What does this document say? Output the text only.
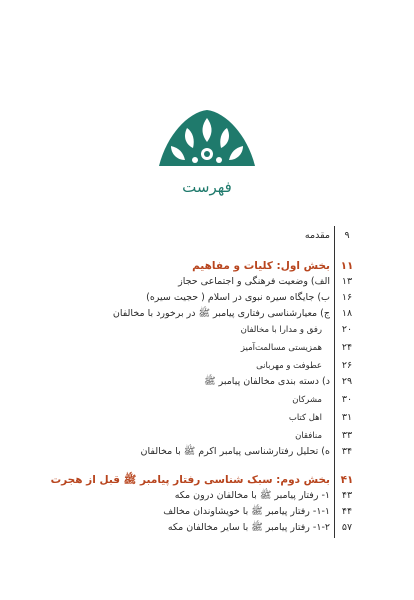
فهرست
۹
مقدمه
۱۱
بخش اول: کلیات و مفاهیم
۱۳
الف) وضعیت فرهنگی و اجتماعی حجاز
۱۶
ب) جایگاه سیره نبوی در اسلام ( حجیت سیره)
۱۸
ج) معیارشناسی رفتاری پیامبر ﷺ در برخورد با مخالفان
۲۰
رفق و مدارا با مخالفان
۲۴
همزیستی مسالمت‌آمیز
۲۶
عطوفت و مهربانی
۲۹
د) دسته بندی مخالفان پیامبر ﷺ
۳۰
مشرکان
۳۱
اهل کتاب
۳۳
منافقان
۳۴
ه) تحلیل رفتارشناسی پیامبر اکرم ﷺ با مخالفان
۴۱
بخش دوم: سبک شناسی رفتار پیامبر ﷺ قبل از هجرت
۴۳
۱- رفتار پیامبر ﷺ با مخالفان درون مکه
۴۴
۱-۱- رفتار پیامبر ﷺ با خویشاوندان مخالف
۵۷
۱-۲- رفتار پیامبر ﷺ با سایر مخالفان مکه
